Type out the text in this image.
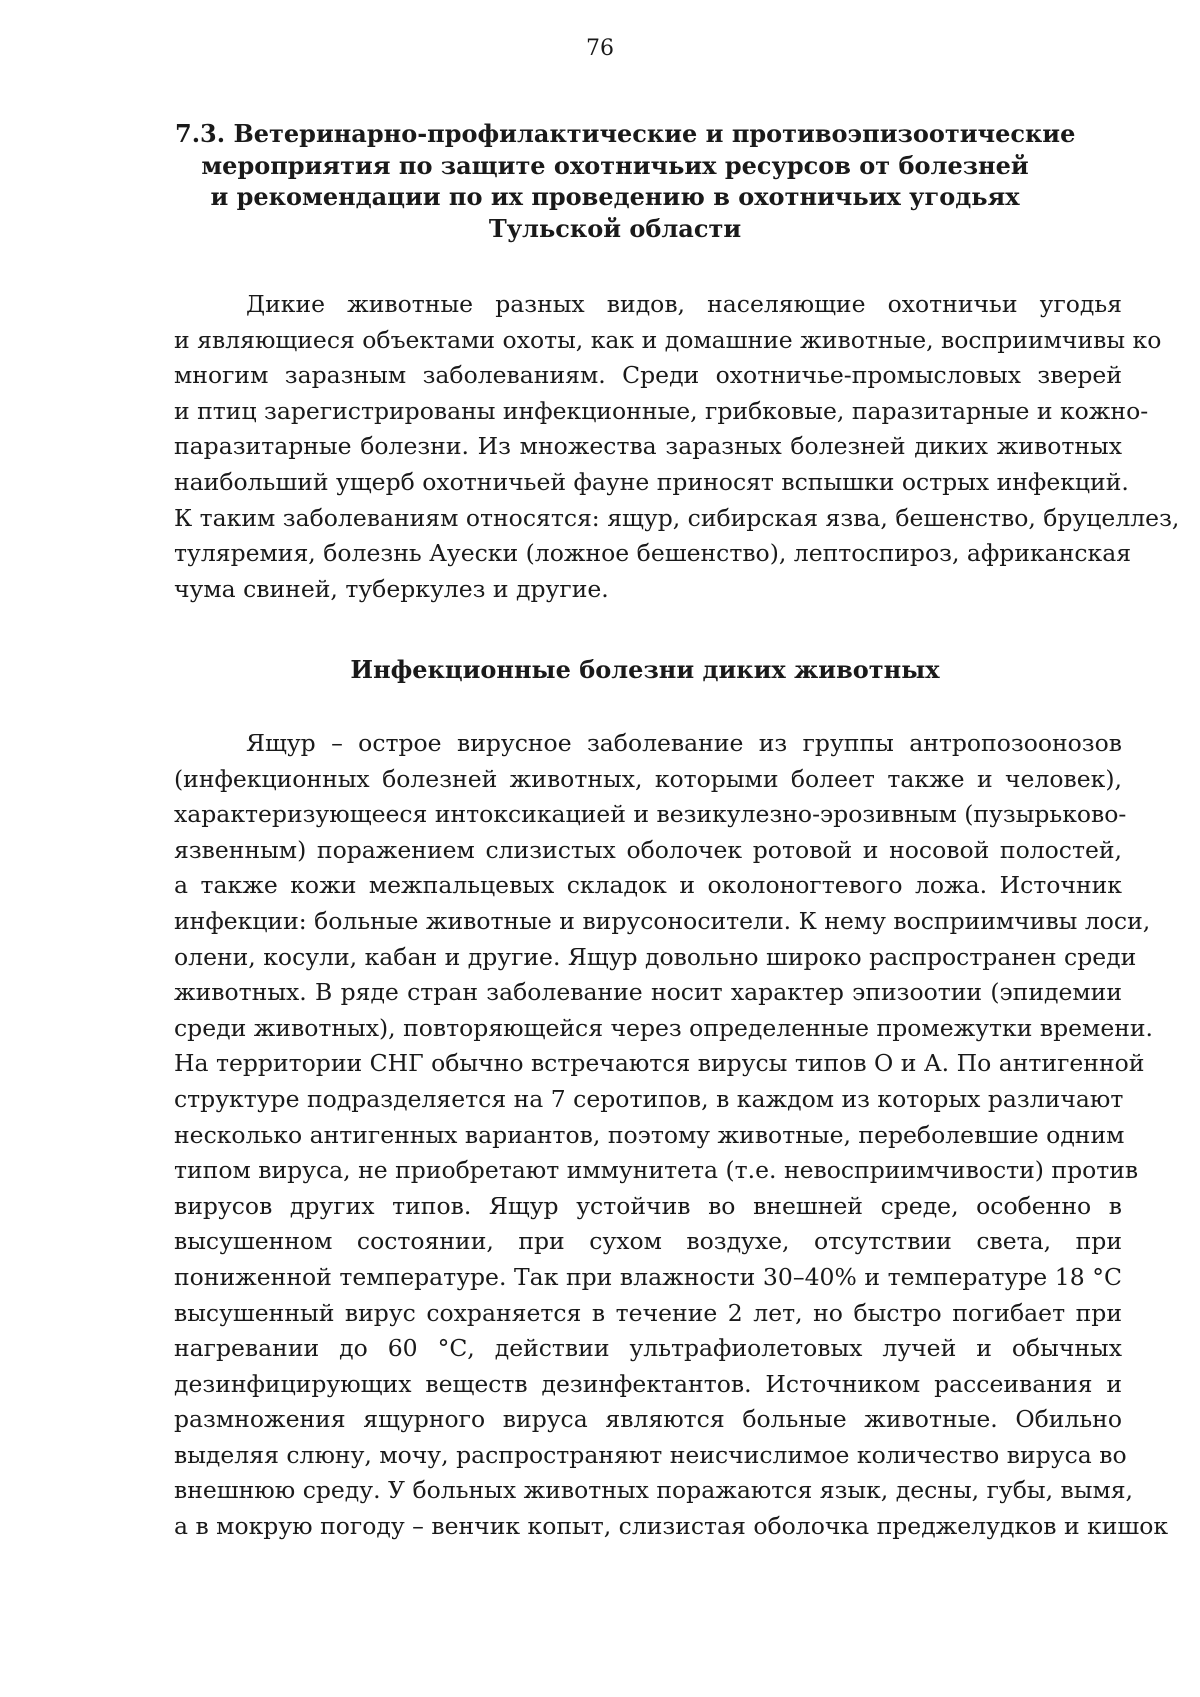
76
7.3. Ветеринарно-профилактические и противоэпизоотические
мероприятия по защите охотничьих ресурсов от болезней
и рекомендации по их проведению в охотничьих угодьях
Тульской области

Дикие животные разных видов, населяющие охотничьи угодья
и являющиеся объектами охоты, как и домашние животные, восприимчивы ко
многим заразным заболеваниям. Среди охотничье-промысловых зверей
и птиц зарегистрированы инфекционные, грибковые, паразитарные и кожно-
паразитарные болезни. Из множества заразных болезней диких животных
наибольший ущерб охотничьей фауне приносят вспышки острых инфекций.
К таким заболеваниям относятся: ящур, сибирская язва, бешенство, бруцеллез,
туляремия, болезнь Ауески (ложное бешенство), лептоспироз, африканская
чума свиней, туберкулез и другие.

Инфекционные болезни диких животных

Ящур – острое вирусное заболевание из группы антропозоонозов
(инфекционных болезней животных, которыми болеет также и человек),
характеризующееся интоксикацией и везикулезно-эрозивным (пузырьково-
язвенным) поражением слизистых оболочек ротовой и носовой полостей,
а также кожи межпальцевых складок и околоногтевого ложа. Источник
инфекции: больные животные и вирусоносители. К нему восприимчивы лоси,
олени, косули, кабан и другие. Ящур довольно широко распространен среди
животных. В ряде стран заболевание носит характер эпизоотии (эпидемии
среди животных), повторяющейся через определенные промежутки времени.
На территории СНГ обычно встречаются вирусы типов О и А. По антигенной
структуре подразделяется на 7 серотипов, в каждом из которых различают
несколько антигенных вариантов, поэтому животные, переболевшие одним
типом вируса, не приобретают иммунитета (т.е. невосприимчивости) против
вирусов других типов. Ящур устойчив во внешней среде, особенно в
высушенном состоянии, при сухом воздухе, отсутствии света, при
пониженной температуре. Так при влажности 30–40% и температуре 18 °С
высушенный вирус сохраняется в течение 2 лет, но быстро погибает при
нагревании до 60 °С, действии ультрафиолетовых лучей и обычных
дезинфицирующих веществ дезинфектантов. Источником рассеивания и
размножения ящурного вируса являются больные животные. Обильно
выделяя слюну, мочу, распространяют неисчислимое количество вируса во
внешнюю среду. У больных животных поражаются язык, десны, губы, вымя,
а в мокрую погоду – венчик копыт, слизистая оболочка преджелудков и кишок
